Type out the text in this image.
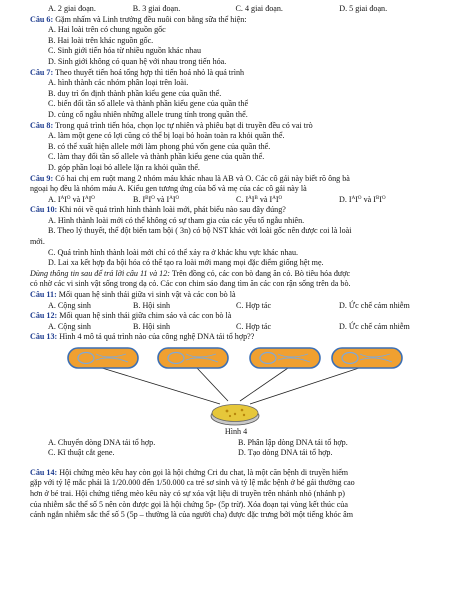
A. 2 giai đoạn.	B. 3 giai đoạn.	C. 4 giai đoạn.	D. 5 giai đoạn.
Câu 6: Gặm nhấm và Linh trưởng đều nuôi con bằng sữa thể hiện:
A. Hai loài trên có chung nguồn gốc
B. Hai loài trên khác nguồn gốc.
C. Sinh giới tiến hóa từ nhiều nguồn khác nhau
D. Sinh giới không có quan hệ với nhau trong tiến hóa.
Câu 7: Theo thuyết tiến hoá tổng hợp thì tiến hoá nhỏ là quá trình
A. hình thành các nhóm phân loại trên loài.
B. duy trì ổn định thành phần kiểu gene của quần thể.
C. biến đổi tần số allele và thành phần kiểu gene của quần thể
D. củng cố ngẫu nhiên những allele trung tính trong quần thể.
Câu 8: Trong quá trình tiến hóa, chọn lọc tự nhiên và phiêu bạt di truyền đều có vai trò
A. làm một gene có lợi cũng có thể bị loại bỏ hoàn toàn ra khỏi quần thể.
B. có thể xuất hiện allele mới làm phong phú vốn gene của quần thể.
C. làm thay đổi tần số allele và thành phần kiểu gene của quần thể.
D. góp phần loại bỏ allele lặn ra khỏi quần thể.
Câu 9: Có hai chị em ruột mang 2 nhóm máu khác nhau là AB và O. Các cô gái này biết rõ ông bà
ngoại họ đều là nhóm máu A. Kiểu gen tương ứng của bố và mẹ của các cô gái này là
A. $I^AI^O$ và $I^AI^O$	B. $I^BI^O$ và $I^AI^O$	C. $I^AI^B$ và $I^AI^O$	D. $I^AI^O$ và $I^BI^O$
Câu 10: Khi nói về quá trình hình thành loài mới, phát biểu nào sau đây đúng?
A. Hình thành loài mới có thể không có sự tham gia của các yếu tố ngẫu nhiên.
B. Theo lý thuyết, thể đột biến tam bội ( 3n) có bộ NST khác với loài gốc nên được coi là loài
mới.
C. Quá trình hình thành loài mới chỉ có thể xảy ra ở khác khu vực khác nhau.
D. Lai xa kết hợp đa bội hóa có thể tạo ra loài mới mang mọi đặc điểm giống hệt mẹ.
Dùng thông tin sau để trả lời câu 11 và 12: Trên đồng cỏ, các con bò đang ăn cỏ. Bò tiêu hóa được
cỏ nhờ các vi sinh vật sống trong dạ cỏ. Các con chim sáo đang tìm ăn các con rận sống trên da bò.
Câu 11: Mối quan hệ sinh thái giữa vi sinh vật và các con bò là
A. Cộng sinh	B. Hội sinh	C. Hợp tác	D. Ức chế cảm nhiễm
Câu 12: Mối quan hệ sinh thái giữa chim sáo và các con bò là
A. Cộng sinh	B. Hội sinh	C. Hợp tác	D. Ức chế cảm nhiễm
Câu 13: Hình 4 mô tả quá trình nào của công nghệ DNA tái tổ hợp??
Hình 4
A. Chuyển dòng DNA tái tổ hợp.	B. Phân lập dòng DNA tái tổ hợp.
C. Kĩ thuật cắt gene.	D. Tạo dòng DNA tái tổ hợp.
Câu 14: Hội chứng mèo kêu hay còn gọi là hội chứng Cri du chat, là một căn bệnh di truyền hiếm
gặp với tỷ lệ mắc phải là 1/20.000 đến 1/50.000 ca trẻ sơ sinh và tỷ lệ mắc bệnh ở bé gái thường cao
hơn ở bé trai. Hội chứng tiếng mèo kêu này có sự xóa vật liệu di truyền trên nhánh nhỏ (nhánh p)
của nhiễm sắc thể số 5 nên còn được gọi là hội chứng 5p- (5p trừ). Xóa đoạn tại vùng kết thúc của
cánh ngắn nhiễm sắc thể số 5 (5p – thường là của người cha) được đặc trưng bởi một tiếng khóc âm
